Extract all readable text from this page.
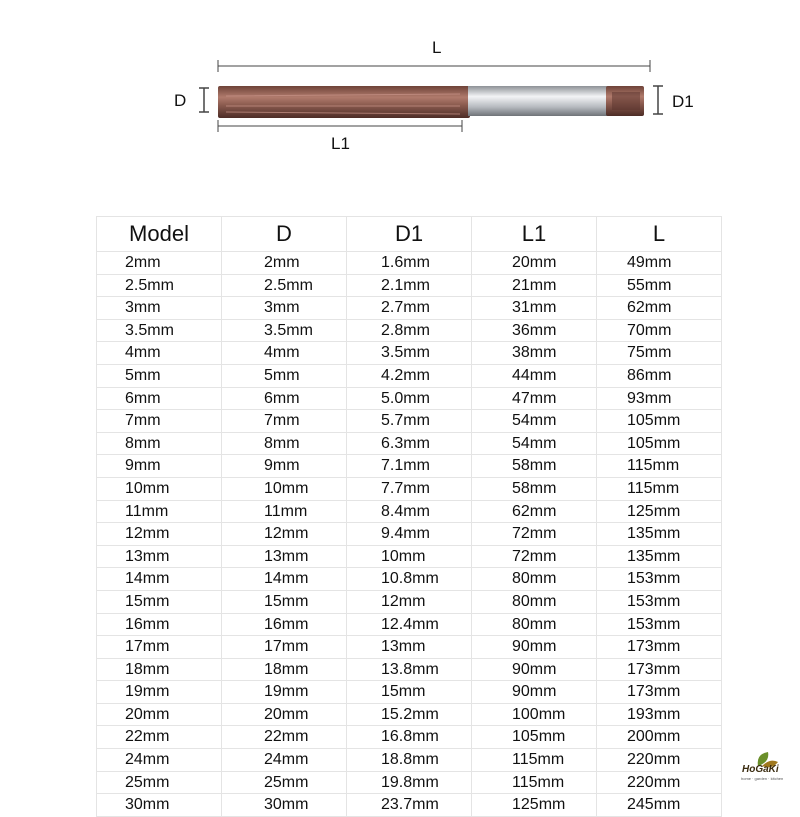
L
D	D1
L1
Model	D	D1	L1	L
2mm	2mm	1.6mm	20mm	49mm
2.5mm	2.5mm	2.1mm	21mm	55mm
3mm	3mm	2.7mm	31mm	62mm
3.5mm	3.5mm	2.8mm	36mm	70mm
4mm	4mm	3.5mm	38mm	75mm
5mm	5mm	4.2mm	44mm	86mm
6mm	6mm	5.0mm	47mm	93mm
7mm	7mm	5.7mm	54mm	105mm
8mm	8mm	6.3mm	54mm	105mm
9mm	9mm	7.1mm	58mm	115mm
10mm	10mm	7.7mm	58mm	115mm
11mm	11mm	8.4mm	62mm	125mm
12mm	12mm	9.4mm	72mm	135mm
13mm	13mm	10mm	72mm	135mm
14mm	14mm	10.8mm	80mm	153mm
15mm	15mm	12mm	80mm	153mm
16mm	16mm	12.4mm	80mm	153mm
17mm	17mm	13mm	90mm	173mm
18mm	18mm	13.8mm	90mm	173mm
19mm	19mm	15mm	90mm	173mm
20mm	20mm	15.2mm	100mm	193mm
22mm	22mm	16.8mm	105mm	200mm
24mm	24mm	18.8mm	115mm	220mm
25mm	25mm	19.8mm	115mm	220mm
30mm	30mm	23.7mm	125mm	245mm
HoGaKi
home · garden · kitchen
